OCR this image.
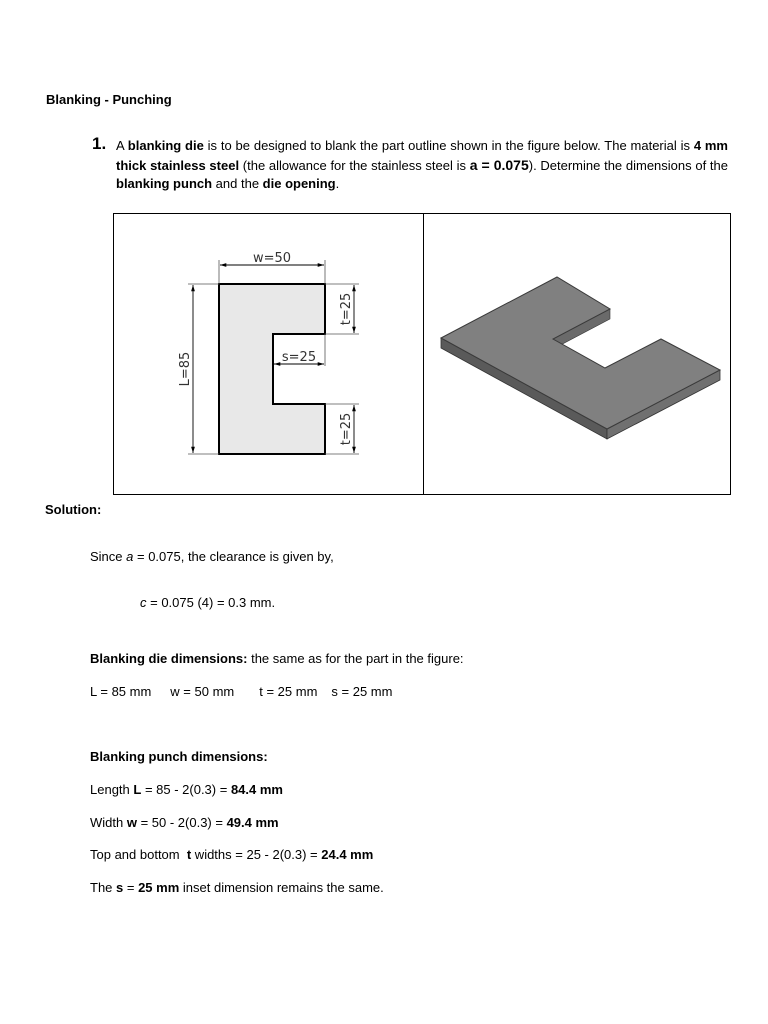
Blanking - Punching
1. A blanking die is to be designed to blank the part outline shown in the figure below. The material is 4 mm thick stainless steel (the allowance for the stainless steel is a = 0.075). Determine the dimensions of the blanking punch and the die opening.
w=50
L=85
t=25
t=25
s=25
Solution:
Since a = 0.075, the clearance is given by,
c = 0.075 (4) = 0.3 mm.
Blanking die dimensions: the same as for the part in the figure:
L = 85 mm w = 50 mm t = 25 mm s = 25 mm
Blanking punch dimensions:
Length L = 85 - 2(0.3) = 84.4 mm
Width w = 50 - 2(0.3) = 49.4 mm
Top and bottom  t widths = 25 - 2(0.3) = 24.4 mm
The s = 25 mm inset dimension remains the same.
